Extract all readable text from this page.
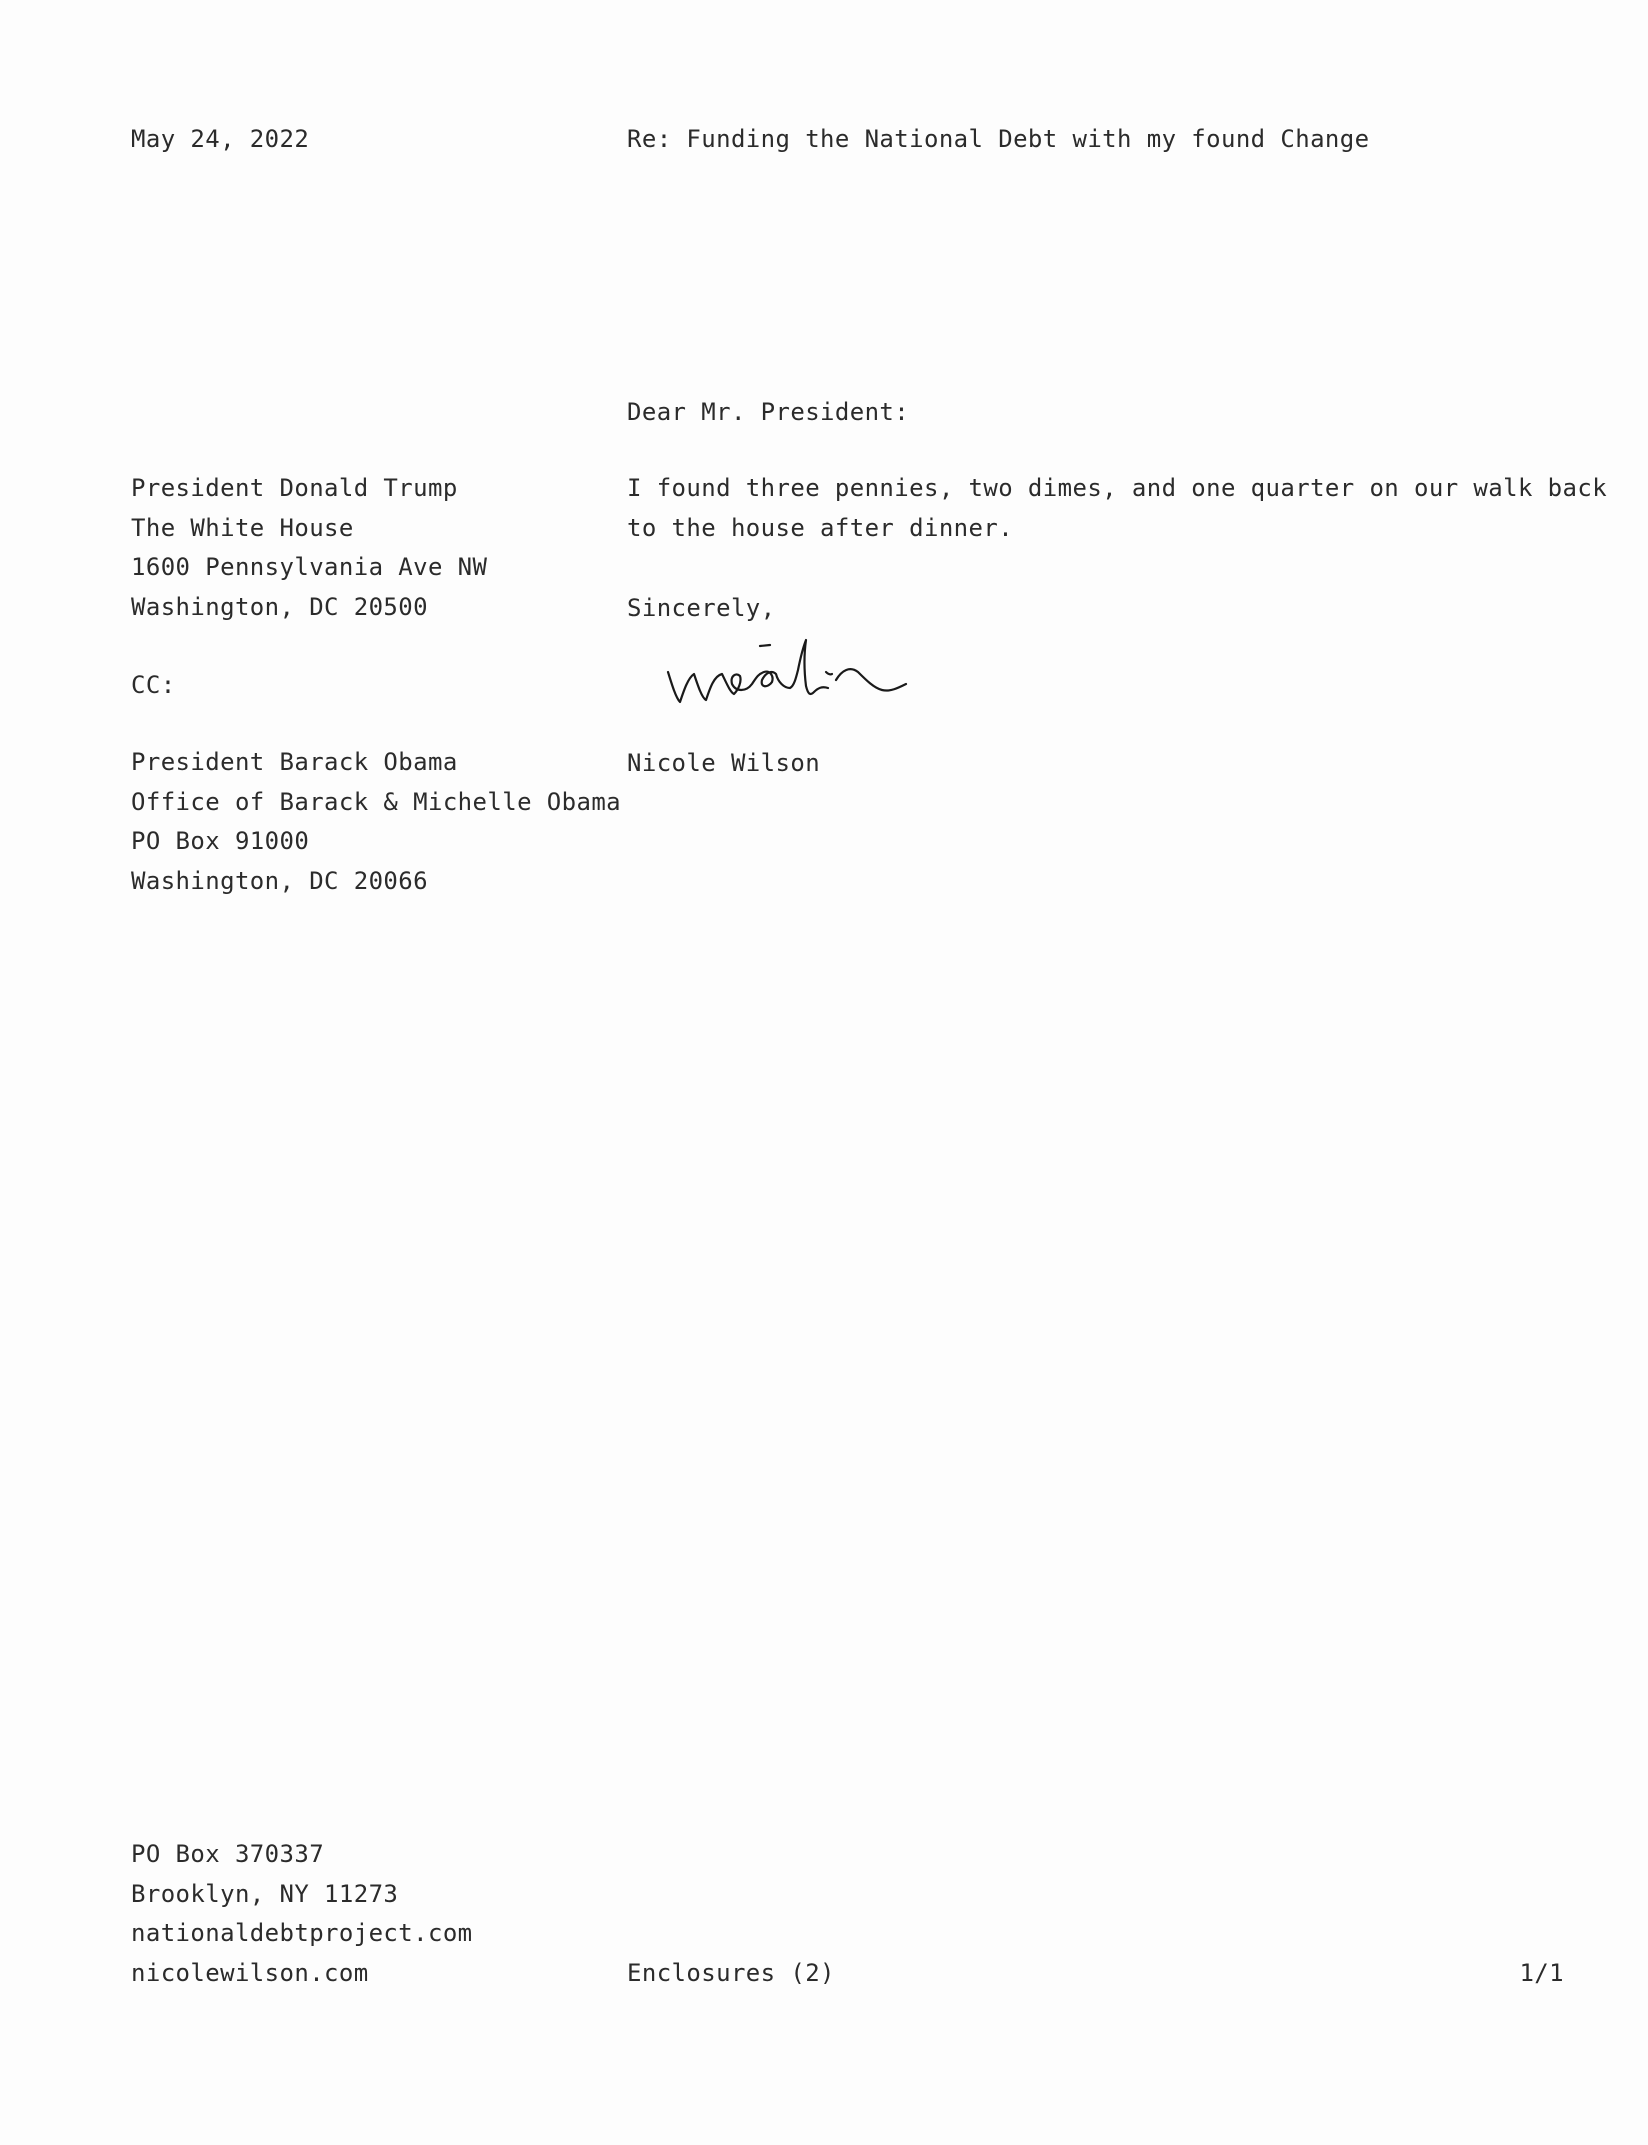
May 24, 2022	Re: Funding the National Debt with my found Change
Dear Mr. President:
President Donald Trump
The White House
1600 Pennsylvania Ave NW
Washington, DC 20500
I found three pennies, two dimes, and one quarter on our walk back
to the house after dinner.
Sincerely,
CC:
President Barack Obama
Office of Barack & Michelle Obama
PO Box 91000
Washington, DC 20066
Nicole Wilson
PO Box 370337
Brooklyn, NY 11273
nationaldebtproject.com
nicolewilson.com	Enclosures (2)	1/1
